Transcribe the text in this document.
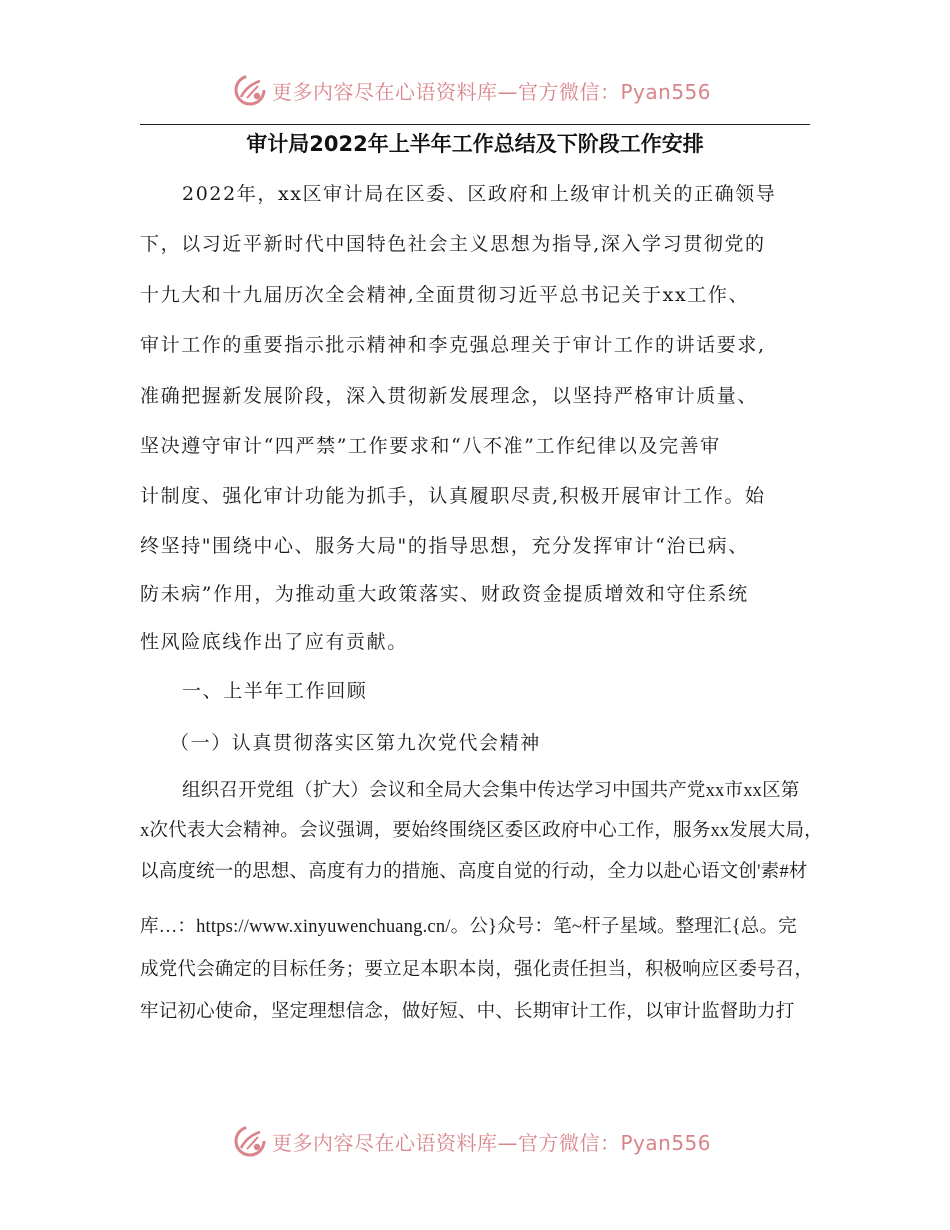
更多内容尽在心语资料库—官方微信：Pyan556
审计局2022年上半年工作总结及下阶段工作安排
2022年，xx区审计局在区委、区政府和上级审计机关的正确领导
下，以习近平新时代中国特色社会主义思想为指导,深入学习贯彻党的
十九大和十九届历次全会精神,全面贯彻习近平总书记关于xx工作、
审计工作的重要指示批示精神和李克强总理关于审计工作的讲话要求,
准确把握新发展阶段，深入贯彻新发展理念，以坚持严格审计质量、
坚决遵守审计“四严禁”工作要求和“八不准”工作纪律以及完善审
计制度、强化审计功能为抓手，认真履职尽责,积极开展审计工作。始
终坚持"围绕中心、服务大局"的指导思想，充分发挥审计“治已病、
防未病”作用，为推动重大政策落实、财政资金提质增效和守住系统
性风险底线作出了应有贡献。
一、上半年工作回顾
（一）认真贯彻落实区第九次党代会精神
组织召开党组（扩大）会议和全局大会集中传达学习中国共产党xx市xx区第
x次代表大会精神。会议强调，要始终围绕区委区政府中心工作，服务xx发展大局，
以高度统一的思想、高度有力的措施、高度自觉的行动，全力以赴心语文创'素#材
库…：https://www.xinyuwenchuang.cn/。公}众号：笔~杆子星域。整理汇{总。完
成党代会确定的目标任务；要立足本职本岗，强化责任担当，积极响应区委号召，
牢记初心使命，坚定理想信念，做好短、中、长期审计工作，以审计监督助力打
更多内容尽在心语资料库—官方微信：Pyan556
